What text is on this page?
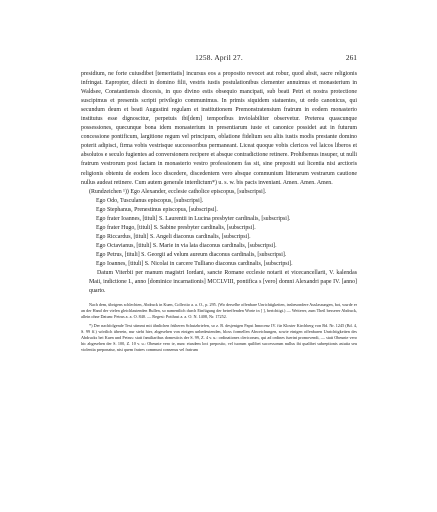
1258. April 27.	261

presidium, ne forte cuiusdibet [temeritatis] incursus eos a proposito revocet aut robur, quod absit, sacre religionis infringat. Eapropter, dilecti in domino filii, vestris iustis postulationibus clementer annuimus et monasterium in Waldsee, Constantiensis diocesis, in quo divino estis obsequio mancipati, sub beati Petri et nostra protectione suscipimus et presentis scripti privilegio communimus. In primis siquidem statuentes, ut ordo canonicus, qui secundum deum et beati Augustini regulam et institutionem Premonstratensium fratrum in eodem monasterio institutus esse dignoscitur, perpetuis ibi[dem] temporibus inviolabiliter observetur. Preterea quascunque possessiones, quecunque bona idem monasterium in presentiarum iuste et canonice possidet aut in futurum concessione pontificum, largitione regum vel principum, oblatione fidelium seu aliis iustis modis prestante domino poterit adipisci, firma vobis vestrisque successoribus permaneant. Liceat quoque vobis clericos vel laicos liberos et absolutos e seculo fugientes ad conversionem recipere et absque contradictione retinere. Prohibemus insuper, ut nulli fratrum vestrorum post factam in monasterio vestro professionem fas sit, sine prepositi sui licentia nisi arctioris religionis obtentu de eodem loco discedere, discedentem vero absque communium litterarum vestrarum cautione nullus audeat retinere. Cum autem generale interdictum*) u. s. w. bis pacis inveniant. Amen. Amen. Amen.

(Rundzeichen ¹)) Ego Alexander, ecclesie catholice episcopus, [subscripsi].

Ego Odo, Tusculanus episcopus, [subscripsi].

Ego Stephanus, Prenestinus episcopus, [subscripsi].

Ego frater Ioannes, [tituli] S. Laurentii in Lucina presbyter cardinalis, [subscripsi].

Ego frater Hugo, [tituli] S. Sabine presbyter cardinalis, [subscripsi].

Ego Riccardus, [tituli] S. Angeli diaconus cardinalis, [subscripsi].

Ego Octavianus, [tituli] S. Marie in via lata diaconus cardinalis, [subscripsi].

Ego Petrus, [tituli] S. Georgii ad velum aureum diaconus cardinalis, [subscripsi].

Ego Ioannes, [tituli] S. Nicolai in carcere Tulliano diaconus cardinalis, [subscripsi].

Datum Viterbii per manum magistri Iordani, sancte Romane ecclesie notarii et vicecancellarii, V. kalendas Maii, indictione I., anno [dominice incarnationis] MCCLVIII, pontifica s [vero] domni Alexandri pape IV. [anno] quarto.

Nach dem, übrigens schlechten, Abdruck in Kuen, Collectio a. a. O., p. 295. (Wo derselbe offenbare Unrichtigkeiten, insbesondere Auslassungen, bot, wurde er an der Hand der vielen gleichlautenden Bullen, so namentlich durch Einfügung der betreffenden Worte in [ ], berichtigt.) — Weiterer, zum Theil besserer Abdruck, allein ohne Datum: Petrus a. a. O. 840. — Regest: Potthast a. a. O. N. 1408, Nr. 17252.

*) Der nachfolgende Text stimmt mit ähnlichen früheren Schutzbriefen, so z. B. desjenigen Papst Innocenz IV. für Kloster Kirchberg von Bd. Nr. 1245 (Bd. 4, S. 99 ff.) wörtlich überein, nur steht hier, abgesehen von einigen unbedeutenden, bloss formellen Abweichungen, sowie einigen offenbaren Unrichtigkeiten des Abdrucks bei Kuen und Petrus: statt familiaribus domesticis der S. 99, Z. 4 v. u.: ordinationes clericorum, qui ad ordines fuerint promovendi, — statt Obeunte vero hic abgesehen der S. 100, Z. 10 v. u.: Obeunte vero te, nunc eiusdem loci preposito, vel tuorum quilibet successorum nullus ibi qualibet subreptionis astutia seu violentia preponatur, nisi quem fratres communi consensu vel fratrum
